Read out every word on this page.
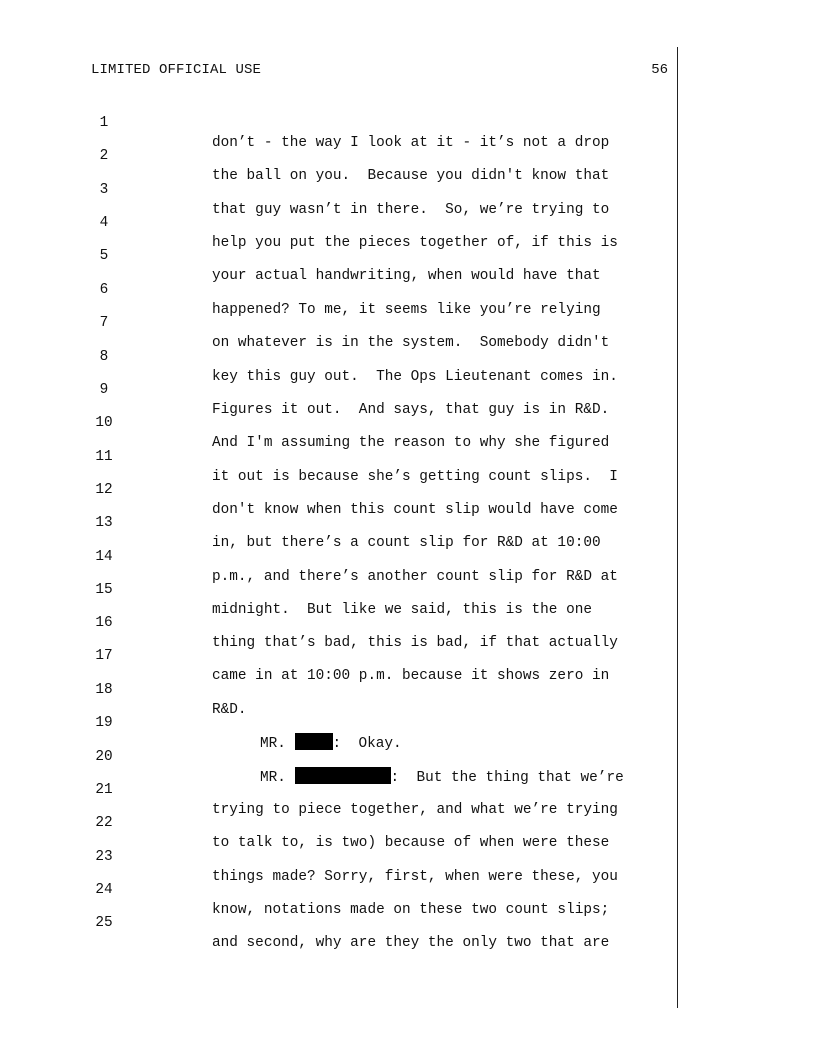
LIMITED OFFICIAL USE	56

1

don’t - the way I look at it - it’s not a drop

2

the ball on you.  Because you didn't know that

3

that guy wasn’t in there.  So, we’re trying to

4

help you put the pieces together of, if this is

5

your actual handwriting, when would have that

6

happened? To me, it seems like you’re relying

7

on whatever is in the system.  Somebody didn't

8

key this guy out.  The Ops Lieutenant comes in.

9

Figures it out.  And says, that guy is in R&D.

10

And I'm assuming the reason to why she figured

11

it out is because she’s getting count slips.  I

12

don't know when this count slip would have come

13

in, but there’s a count slip for R&D at 10:00

14

p.m., and there’s another count slip for R&D at

15

midnight.  But like we said, this is the one

16

thing that’s bad, this is bad, if that actually

17

came in at 10:00 p.m. because it shows zero in

18

R&D.

19

MR.	:  Okay.

20

MR.	:  But the thing that we’re

21

trying to piece together, and what we’re trying

22

to talk to, is two) because of when were these

23

things made? Sorry, first, when were these, you

24

know, notations made on these two count slips;

25

and second, why are they the only two that are
